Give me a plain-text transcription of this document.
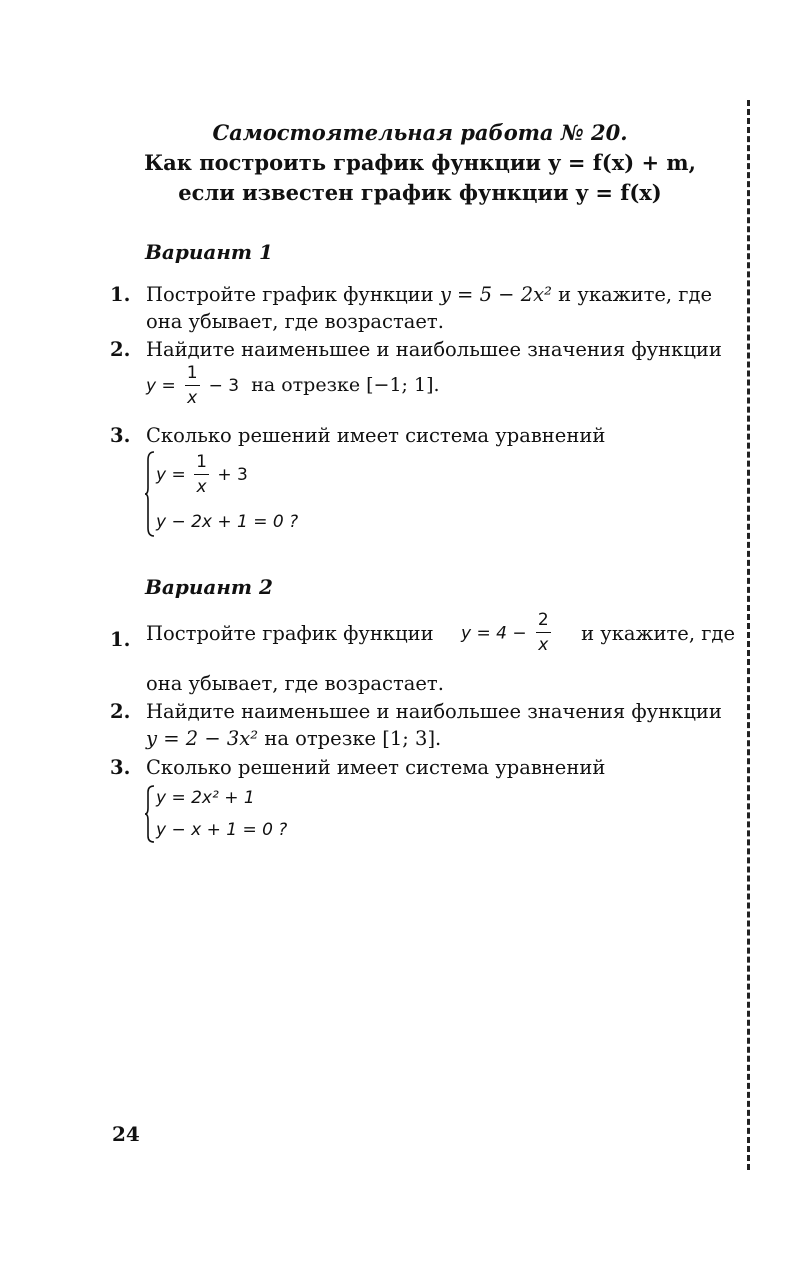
Самостоятельная работа № 20.
Как построить график функции y = f(x) + m,
если известен график функции y = f(x)
Вариант 1
1. Постройте график функции y = 5 − 2x² и укажите, где
она убывает, где возрастает.
2. Найдите наименьшее и наибольшее значения функции
$y = \frac{1}{x} - 3$ на отрезке [−1; 1].
3. Сколько решений имеет система уравнений
$y = \frac{1}{x} + 3$
y − 2x + 1 = 0 ?
Вариант 2
1. Постройте график функции $y = 4 - \frac{2}{x}$ и укажите, где
она убывает, где возрастает.
2. Найдите наименьшее и наибольшее значения функции
y = 2 − 3x² на отрезке [1; 3].
3. Сколько решений имеет система уравнений
y = 2x² + 1
y − x + 1 = 0 ?
24
